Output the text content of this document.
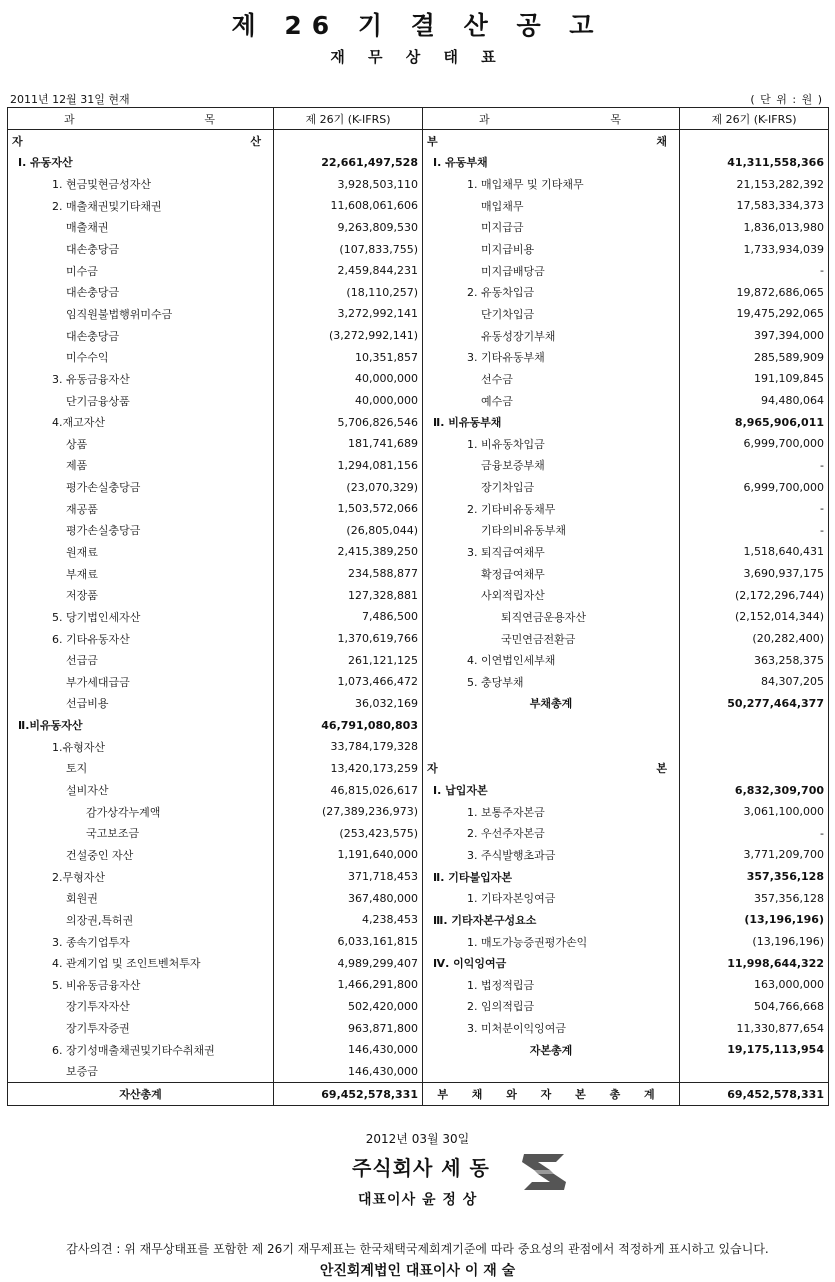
제 26 기 결 산 공 고
재 무 상 태 표
2011년 12월 31일 현재	( 단 위 : 원 )
과 목	제 26기 (K-IFRS)	과 목	제 26기 (K-IFRS)

자 산		부 채	

Ⅰ. 유동자산	22,661,497,528	Ⅰ. 유동부채	41,311,558,366
1. 현금및현금성자산	3,928,503,110	1. 매입채무 및 기타채무	21,153,282,392
2. 매출채권및기타채권	11,608,061,606	매입채무	17,583,334,373
매출채권	9,263,809,530	미지급금	1,836,013,980
대손충당금	(107,833,755)	미지급비용	1,733,934,039
미수금	2,459,844,231	미지급배당금	-
대손충당금	(18,110,257)	2. 유동차입금	19,872,686,065
임직원불법행위미수금	3,272,992,141	단기차입금	19,475,292,065
대손충당금	(3,272,992,141)	유동성장기부채	397,394,000
미수수익	10,351,857	3. 기타유동부채	285,589,909
3. 유동금융자산	40,000,000	선수금	191,109,845
단기금융상품	40,000,000	예수금	94,480,064
4.재고자산	5,706,826,546	Ⅱ. 비유동부채	8,965,906,011
상품	181,741,689	1. 비유동차입금	6,999,700,000
제품	1,294,081,156	금융보증부채	-
평가손실충당금	(23,070,329)	장기차입금	6,999,700,000
재공품	1,503,572,066	2. 기타비유동채무	-
평가손실충당금	(26,805,044)	기타의비유동부채	-
원재료	2,415,389,250	3. 퇴직급여채무	1,518,640,431
부재료	234,588,877	확정급여채무	3,690,937,175
저장품	127,328,881	사외적립자산	(2,172,296,744)
5. 당기법인세자산	7,486,500	퇴직연금운용자산	(2,152,014,344)
6. 기타유동자산	1,370,619,766	국민연금전환금	(20,282,400)
선급금	261,121,125	4. 이연법인세부채	363,258,375
부가세대급금	1,073,466,472	5. 충당부채	84,307,205
선급비용	36,032,169	부채총계	50,277,464,377
Ⅱ.비유동자산	46,791,080,803		
1.유형자산	33,784,179,328		
토지	13,420,173,259	자 본	

설비자산	46,815,026,617	Ⅰ. 납입자본	6,832,309,700
감가상각누계액	(27,389,236,973)	1. 보통주자본금	3,061,100,000
국고보조금	(253,423,575)	2. 우선주자본금	-
건설중인 자산	1,191,640,000	3. 주식발행초과금	3,771,209,700
2.무형자산	371,718,453	Ⅱ. 기타불입자본	357,356,128
회원권	367,480,000	1. 기타자본잉여금	357,356,128
의장권,특허권	4,238,453	Ⅲ. 기타자본구성요소	(13,196,196)
3. 종속기업투자	6,033,161,815	1. 매도가능증권평가손익	(13,196,196)
4. 관계기업 및 조인트벤처투자	4,989,299,407	Ⅳ. 이익잉여금	11,998,644,322
5. 비유동금융자산	1,466,291,800	1. 법정적립금	163,000,000
장기투자자산	502,420,000	2. 임의적립금	504,766,668
장기투자증권	963,871,800	3. 미처분이익잉여금	11,330,877,654
6. 장기성매출채권및기타수취채권	146,430,000	자본총계	19,175,113,954
보증금	146,430,000		
자산총계	69,452,578,331	부 채 와 자 본 총 계	69,452,578,331
2012년 03월 30일
주식회사 세 동
대표이사 윤 정 상
감사의견 : 위 재무상태표를 포함한 제 26기 재무제표는 한국채택국제회계기준에 따라 중요성의 관점에서 적정하게 표시하고 있습니다.
안진회계법인 대표이사 이 재 술
